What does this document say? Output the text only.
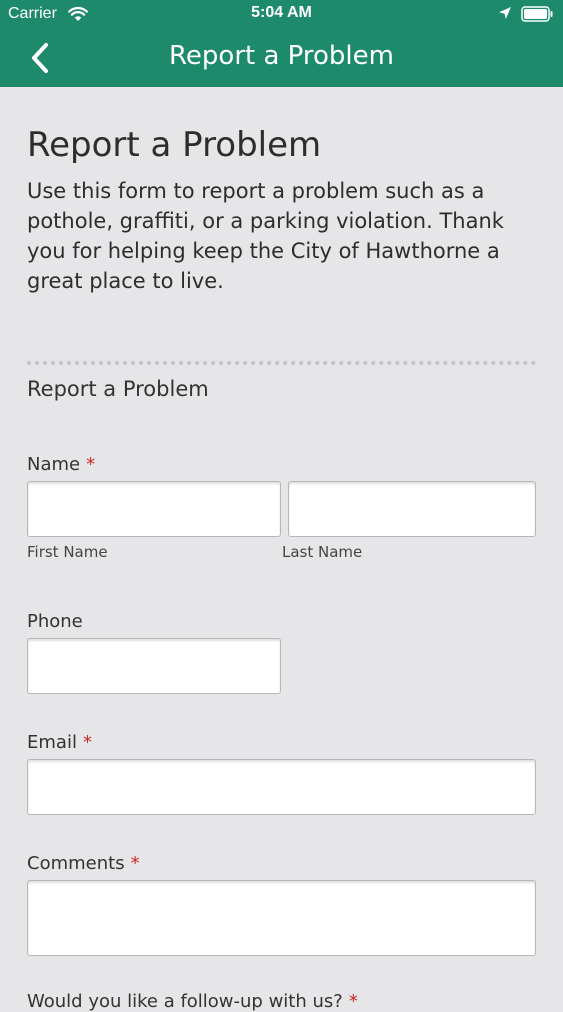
Carrier	5:04 AM
Report a Problem
Report a Problem

Use this form to report a problem such as a pothole, graffiti, or a parking violation. Thank you for helping keep the City of Hawthorne a great place to live.

Report a Problem
Name *
First Name	Last Name
Phone
Email *
Comments *
Would you like a follow-up with us? *
